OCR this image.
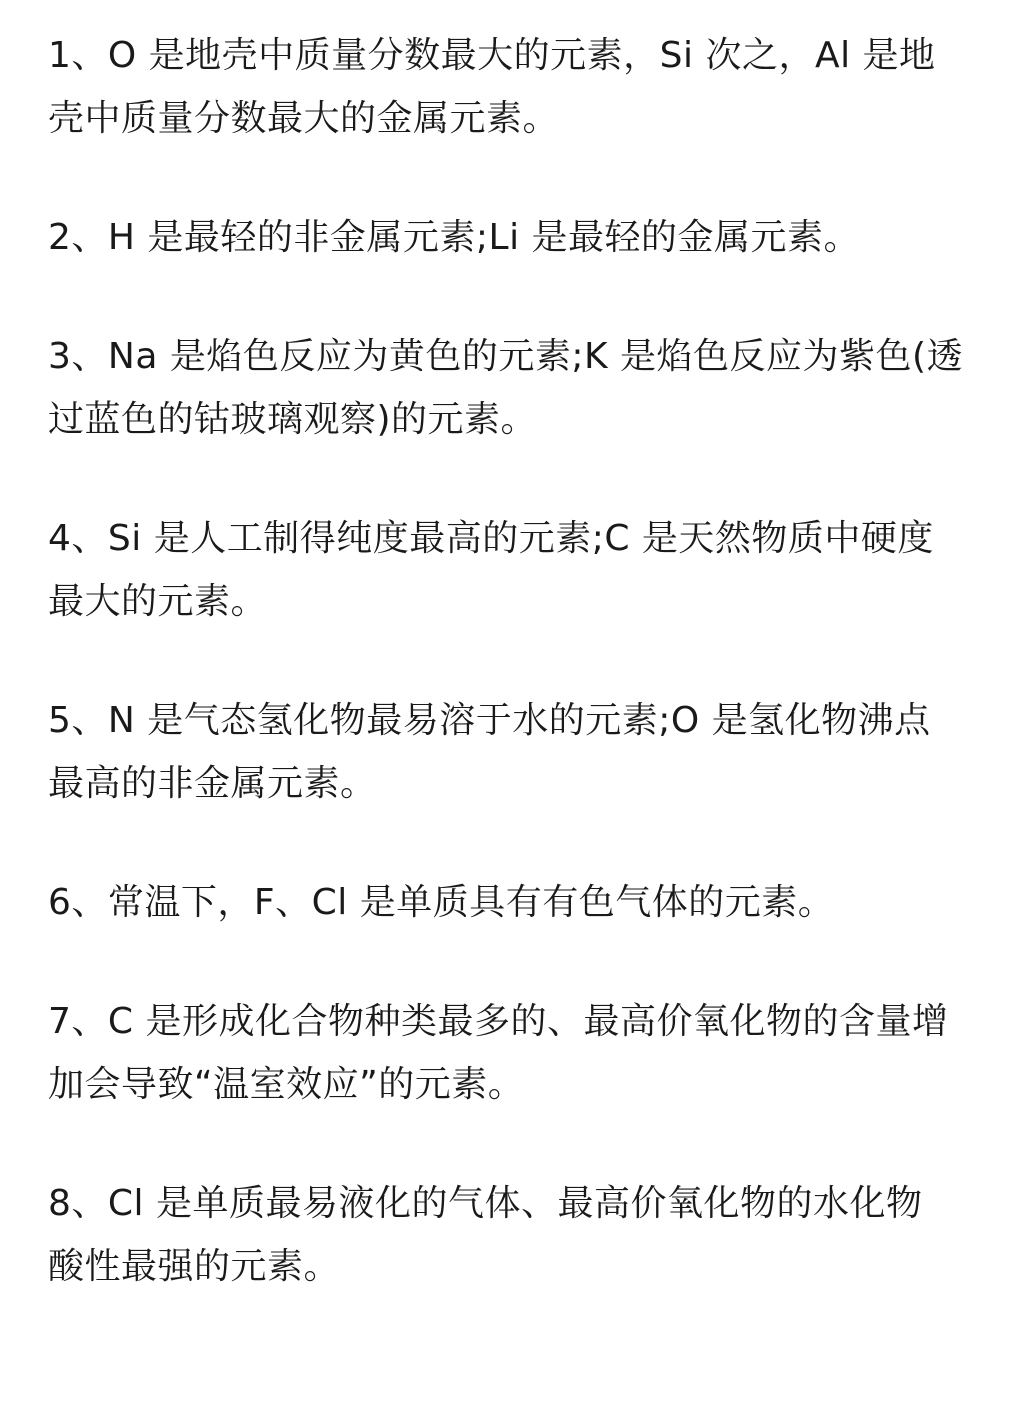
1、O 是地壳中质量分数最大的元素，Si 次之，Al 是地
壳中质量分数最大的金属元素。

2、H 是最轻的非金属元素;Li 是最轻的金属元素。

3、Na 是焰色反应为黄色的元素;K 是焰色反应为紫色(透
过蓝色的钴玻璃观察)的元素。

4、Si 是人工制得纯度最高的元素;C 是天然物质中硬度
最大的元素。

5、N 是气态氢化物最易溶于水的元素;O 是氢化物沸点
最高的非金属元素。

6、常温下，F、Cl 是单质具有有色气体的元素。

7、C 是形成化合物种类最多的、最高价氧化物的含量增
加会导致“温室效应”的元素。

8、Cl 是单质最易液化的气体、最高价氧化物的水化物
酸性最强的元素。
